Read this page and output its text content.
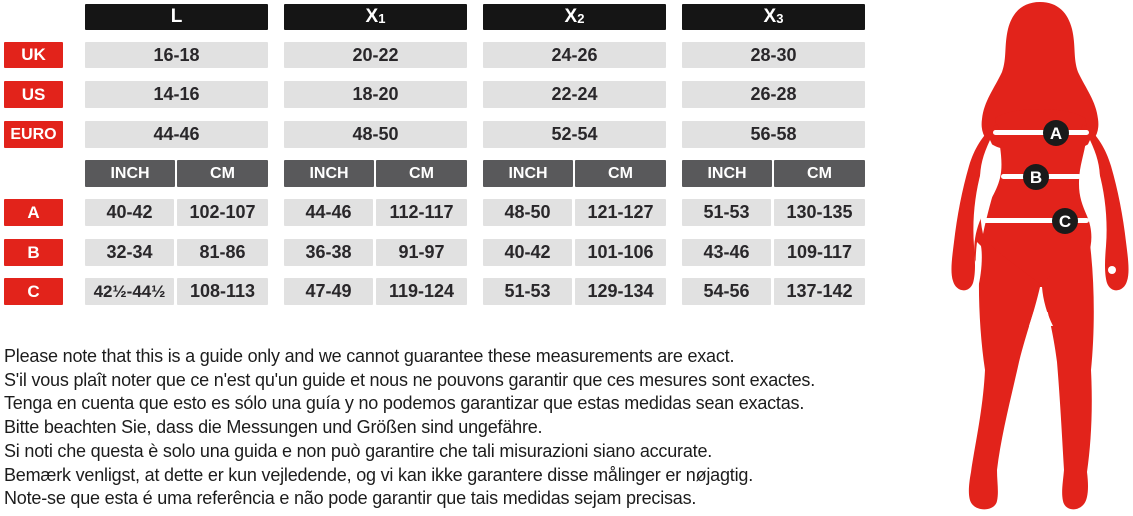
L	X 1	X 2	X 3
UK	16-18	20-22	24-26	28-30
US	14-16	18-20	22-24	26-28
EURO	44-46	48-50	52-54	56-58
INCH	CM	INCH	CM	INCH	CM	INCH	CM
A	40-42	102-107	44-46	112-117	48-50	121-127	51-53	130-135
B	32-34	81-86	36-38	91-97	40-42	101-106	43-46	109-117
C	42½-44½	108-113	47-49	119-124	51-53	129-134	54-56	137-142
Please note that this is a guide only and we cannot guarantee these measurements are exact.
S'il vous plaît noter que ce n'est qu'un guide et nous ne pouvons garantir que ces mesures sont exactes.
Tenga en cuenta que esto es sólo una guía y no podemos garantizar que estas medidas sean exactas.
Bitte beachten Sie, dass die Messungen und Größen sind ungefähre.
Si noti che questa è solo una guida e non può garantire che tali misurazioni siano accurate.
Bemærk venligst, at dette er kun vejledende, og vi kan ikke garantere disse målinger er nøjagtig.
Note-se que esta é uma referência e não pode garantir que tais medidas sejam precisas.
A
B
C
